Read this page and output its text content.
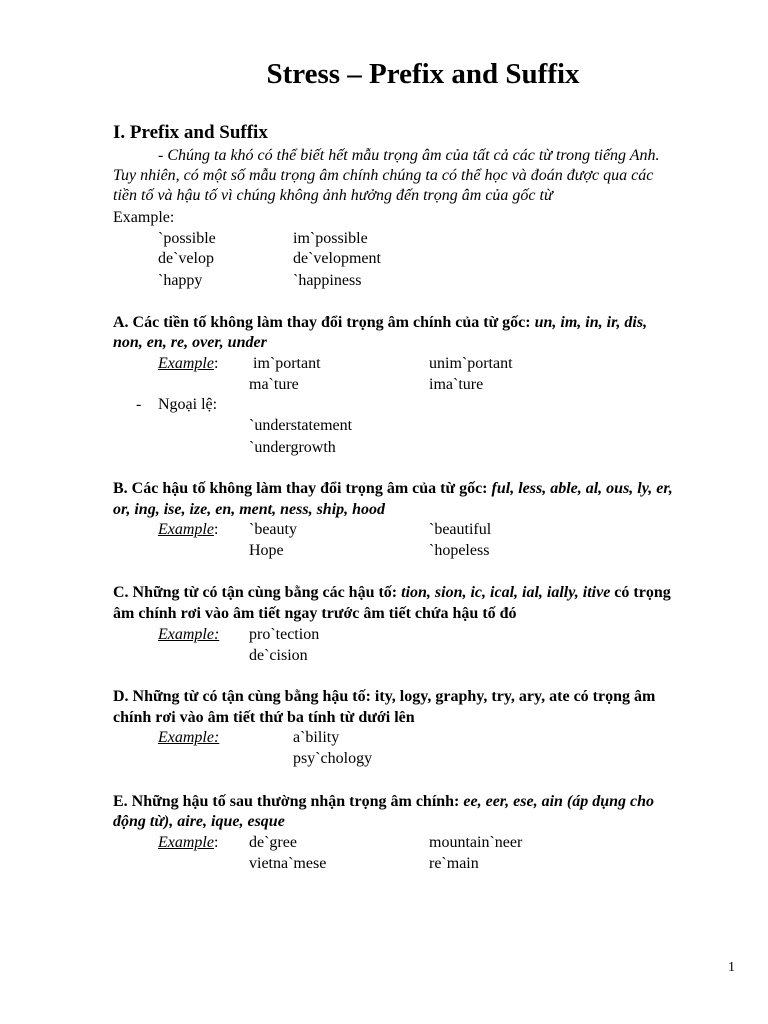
Stress – Prefix and Suffix
I. Prefix and Suffix
- Chúng ta khó có thể biết hết mẫu trọng âm của tất cả các từ trong tiếng Anh.
Tuy nhiên, có một số mẫu trọng âm chính chúng ta có thể học và đoán được qua các
tiền tố và hậu tố vì chúng không ảnh hưởng đến trọng âm của gốc từ
Example:
`possible	im`possible
de`velop	de`velopment
`happy	`happiness
A. Các tiền tố không làm thay đổi trọng âm chính của từ gốc: un, im, in, ir, dis,
non, en, re, over, under
Example: im`portant	unim`portant
ma`ture	ima`ture
- Ngoại lệ:
`understatement
`undergrowth
B. Các hậu tố không làm thay đổi trọng âm của từ gốc: ful, less, able, al, ous, ly, er,
or, ing, ise, ize, en, ment, ness, ship, hood
Example: `beauty	`beautiful
Hope	`hopeless
C. Những từ có tận cùng bằng các hậu tố: tion, sion, ic, ical, ial, ially, itive có trọng
âm chính rơi vào âm tiết ngay trước âm tiết chứa hậu tố đó
Example: pro`tection
de`cision
D. Những từ có tận cùng bằng hậu tố: ity, logy, graphy, try, ary, ate có trọng âm
chính rơi vào âm tiết thứ ba tính từ dưới lên
Example:	a`bility
psy`chology
E. Những hậu tố sau thường nhận trọng âm chính: ee, eer, ese, ain (áp dụng cho
động từ), aire, ique, esque
Example: de`gree	mountain`neer
vietna`mese	re`main
1
